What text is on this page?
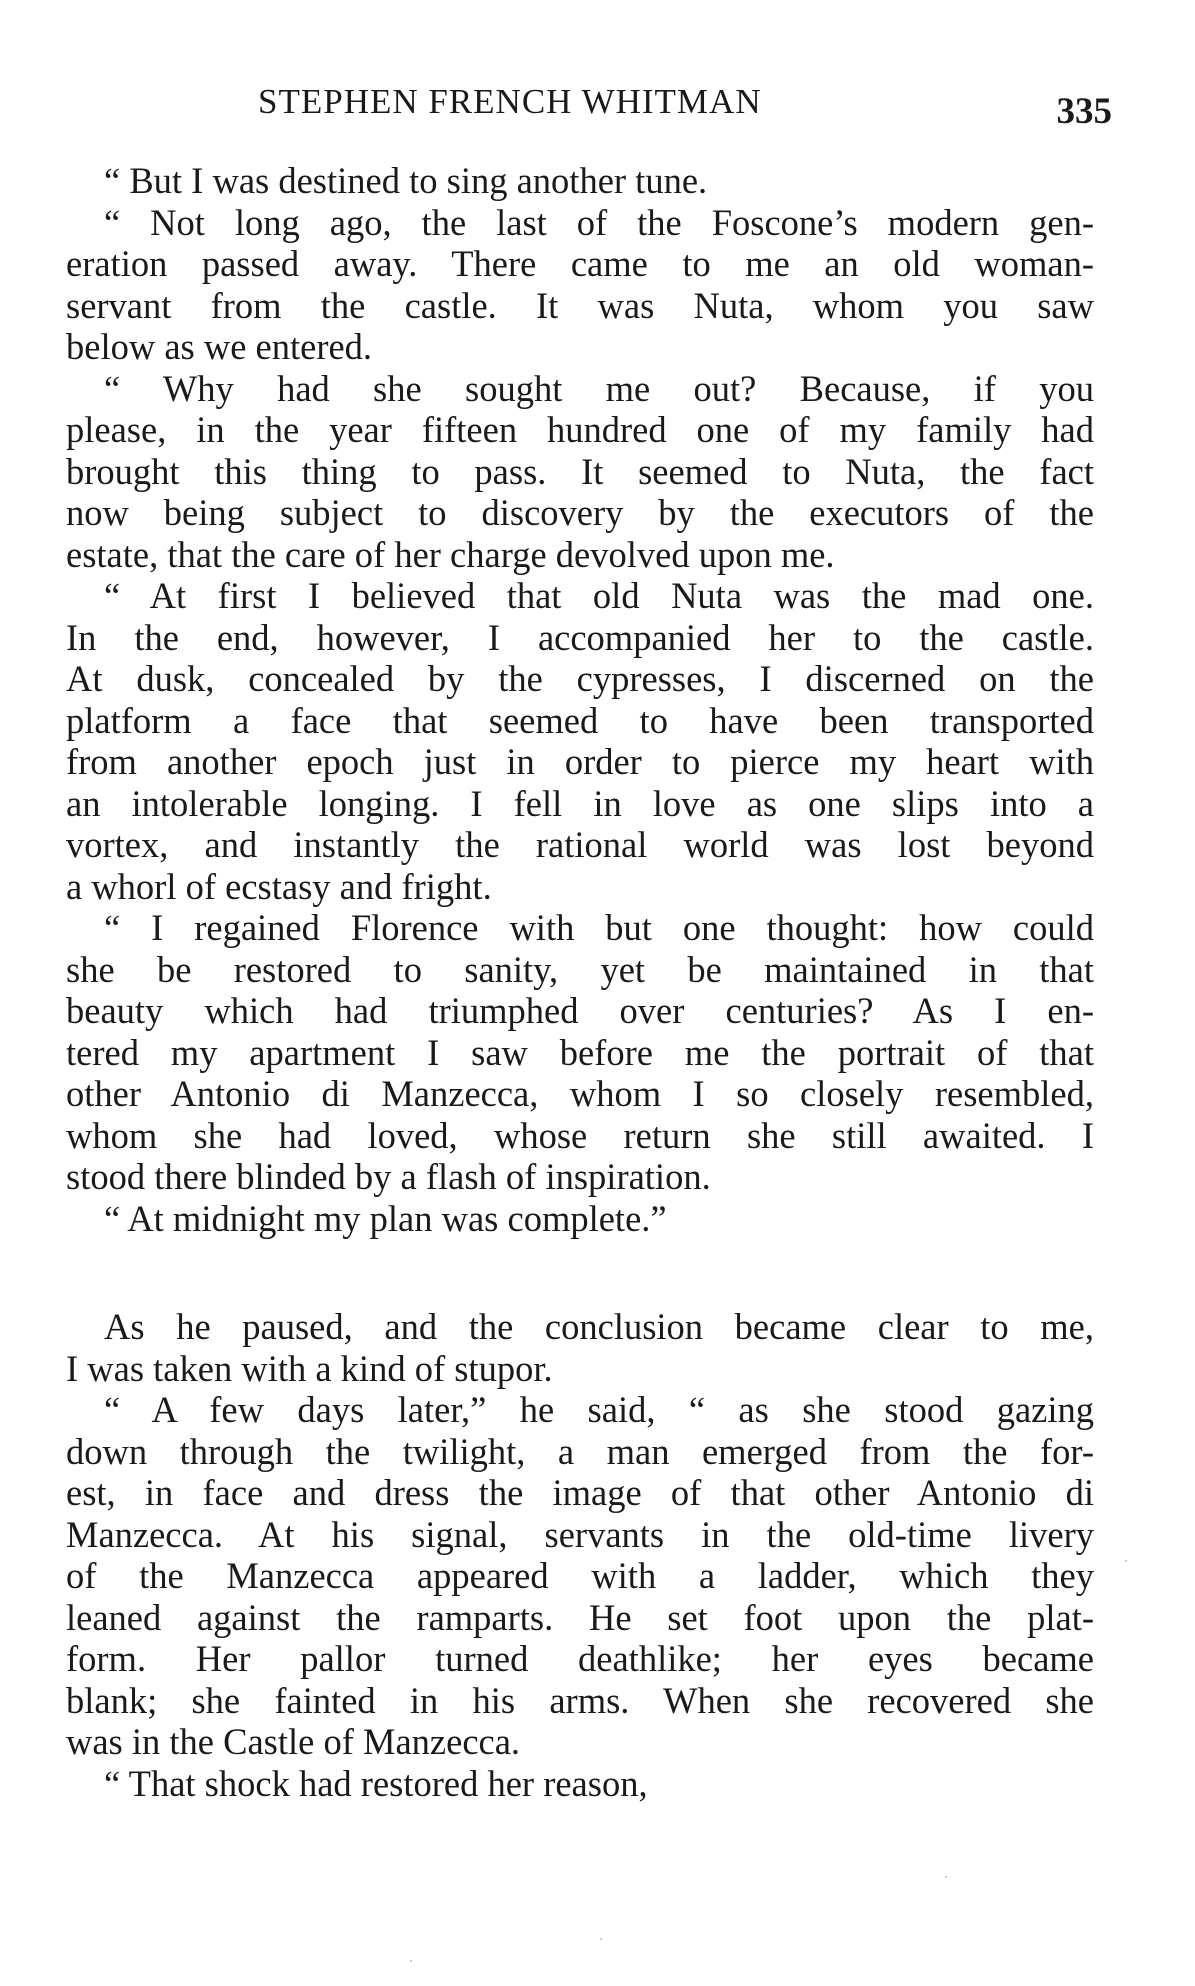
STEPHEN FRENCH WHITMAN	335
“ But I was destined to sing another tune.
“ Not long ago, the last of the Foscone’s modern gen-
eration passed away. There came to me an old woman-
servant from the castle. It was Nuta, whom you saw
below as we entered.
“ Why had she sought me out? Because, if you
please, in the year fifteen hundred one of my family had
brought this thing to pass. It seemed to Nuta, the fact
now being subject to discovery by the executors of the
estate, that the care of her charge devolved upon me.
“ At first I believed that old Nuta was the mad one.
In the end, however, I accompanied her to the castle.
At dusk, concealed by the cypresses, I discerned on the
platform a face that seemed to have been transported
from another epoch just in order to pierce my heart with
an intolerable longing. I fell in love as one slips into a
vortex, and instantly the rational world was lost beyond
a whorl of ecstasy and fright.
“ I regained Florence with but one thought: how could
she be restored to sanity, yet be maintained in that
beauty which had triumphed over centuries? As I en-
tered my apartment I saw before me the portrait of that
other Antonio di Manzecca, whom I so closely resembled,
whom she had loved, whose return she still awaited. I
stood there blinded by a flash of inspiration.
“ At midnight my plan was complete.”
As he paused, and the conclusion became clear to me,
I was taken with a kind of stupor.
“ A few days later,” he said, “ as she stood gazing
down through the twilight, a man emerged from the for-
est, in face and dress the image of that other Antonio di
Manzecca. At his signal, servants in the old-time livery
of the Manzecca appeared with a ladder, which they
leaned against the ramparts. He set foot upon the plat-
form. Her pallor turned deathlike; her eyes became
blank; she fainted in his arms. When she recovered she
was in the Castle of Manzecca.
“ That shock had restored her reason,
